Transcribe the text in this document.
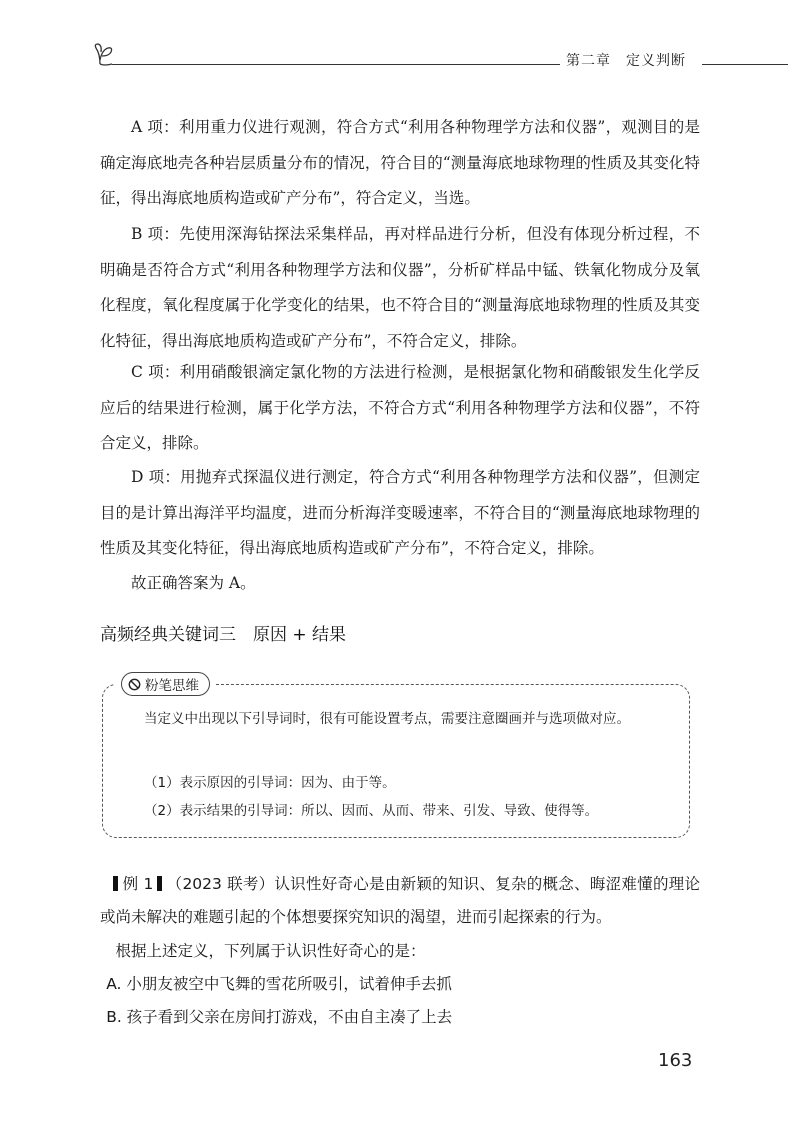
第二章　定义判断

A 项：利用重力仪进行观测，符合方式“利用各种物理学方法和仪器”，观测目的是确定海底地壳各种岩层质量分布的情况，符合目的“测量海底地球物理的性质及其变化特征，得出海底地质构造或矿产分布”，符合定义，当选。

B 项：先使用深海钻探法采集样品，再对样品进行分析，但没有体现分析过程，不明确是否符合方式“利用各种物理学方法和仪器”，分析矿样品中锰、铁氧化物成分及氧化程度，氧化程度属于化学变化的结果，也不符合目的“测量海底地球物理的性质及其变化特征，得出海底地质构造或矿产分布”，不符合定义，排除。

C 项：利用硝酸银滴定氯化物的方法进行检测，是根据氯化物和硝酸银发生化学反应后的结果进行检测，属于化学方法，不符合方式“利用各种物理学方法和仪器”，不符合定义，排除。

D 项：用抛弃式探温仪进行测定，符合方式“利用各种物理学方法和仪器”，但测定目的是计算出海洋平均温度，进而分析海洋变暖速率，不符合目的“测量海底地球物理的性质及其变化特征，得出海底地质构造或矿产分布”，不符合定义，排除。

故正确答案为 A。

高频经典关键词三　原因 + 结果
粉笔思维

当定义中出现以下引导词时，很有可能设置考点，需要注意圈画并与选项做对应。

（1）表示原因的引导词：因为、由于等。

（2）表示结果的引导词：所以、因而、从而、带来、引发、导致、使得等。

例 1 （2023 联考）认识性好奇心是由新颖的知识、复杂的概念、晦涩难懂的理论或尚未解决的难题引起的个体想要探究知识的渴望，进而引起探索的行为。

根据上述定义，下列属于认识性好奇心的是：

A. 小朋友被空中飞舞的雪花所吸引，试着伸手去抓

B. 孩子看到父亲在房间打游戏，不由自主凑了上去

163
